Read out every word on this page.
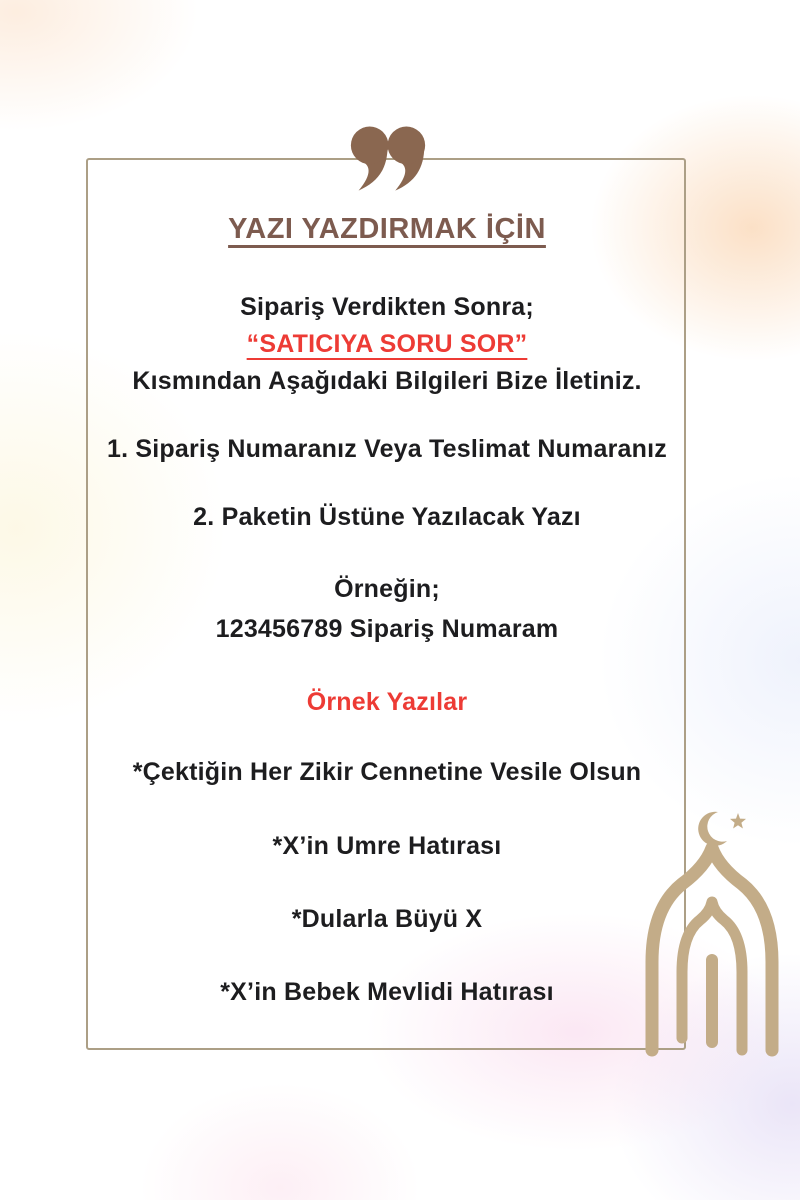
YAZI YAZDIRMAK İÇİN
Sipariş Verdikten Sonra;
“SATICIYA SORU SOR”
Kısmından Aşağıdaki Bilgileri Bize İletiniz.
1. Sipariş Numaranız Veya Teslimat Numaranız
2. Paketin Üstüne Yazılacak Yazı
Örneğin;
123456789 Sipariş Numaram
Örnek Yazılar
*Çektiğin Her Zikir Cennetine Vesile Olsun
*X’in Umre Hatırası
*Dularla Büyü X
*X’in Bebek Mevlidi Hatırası
